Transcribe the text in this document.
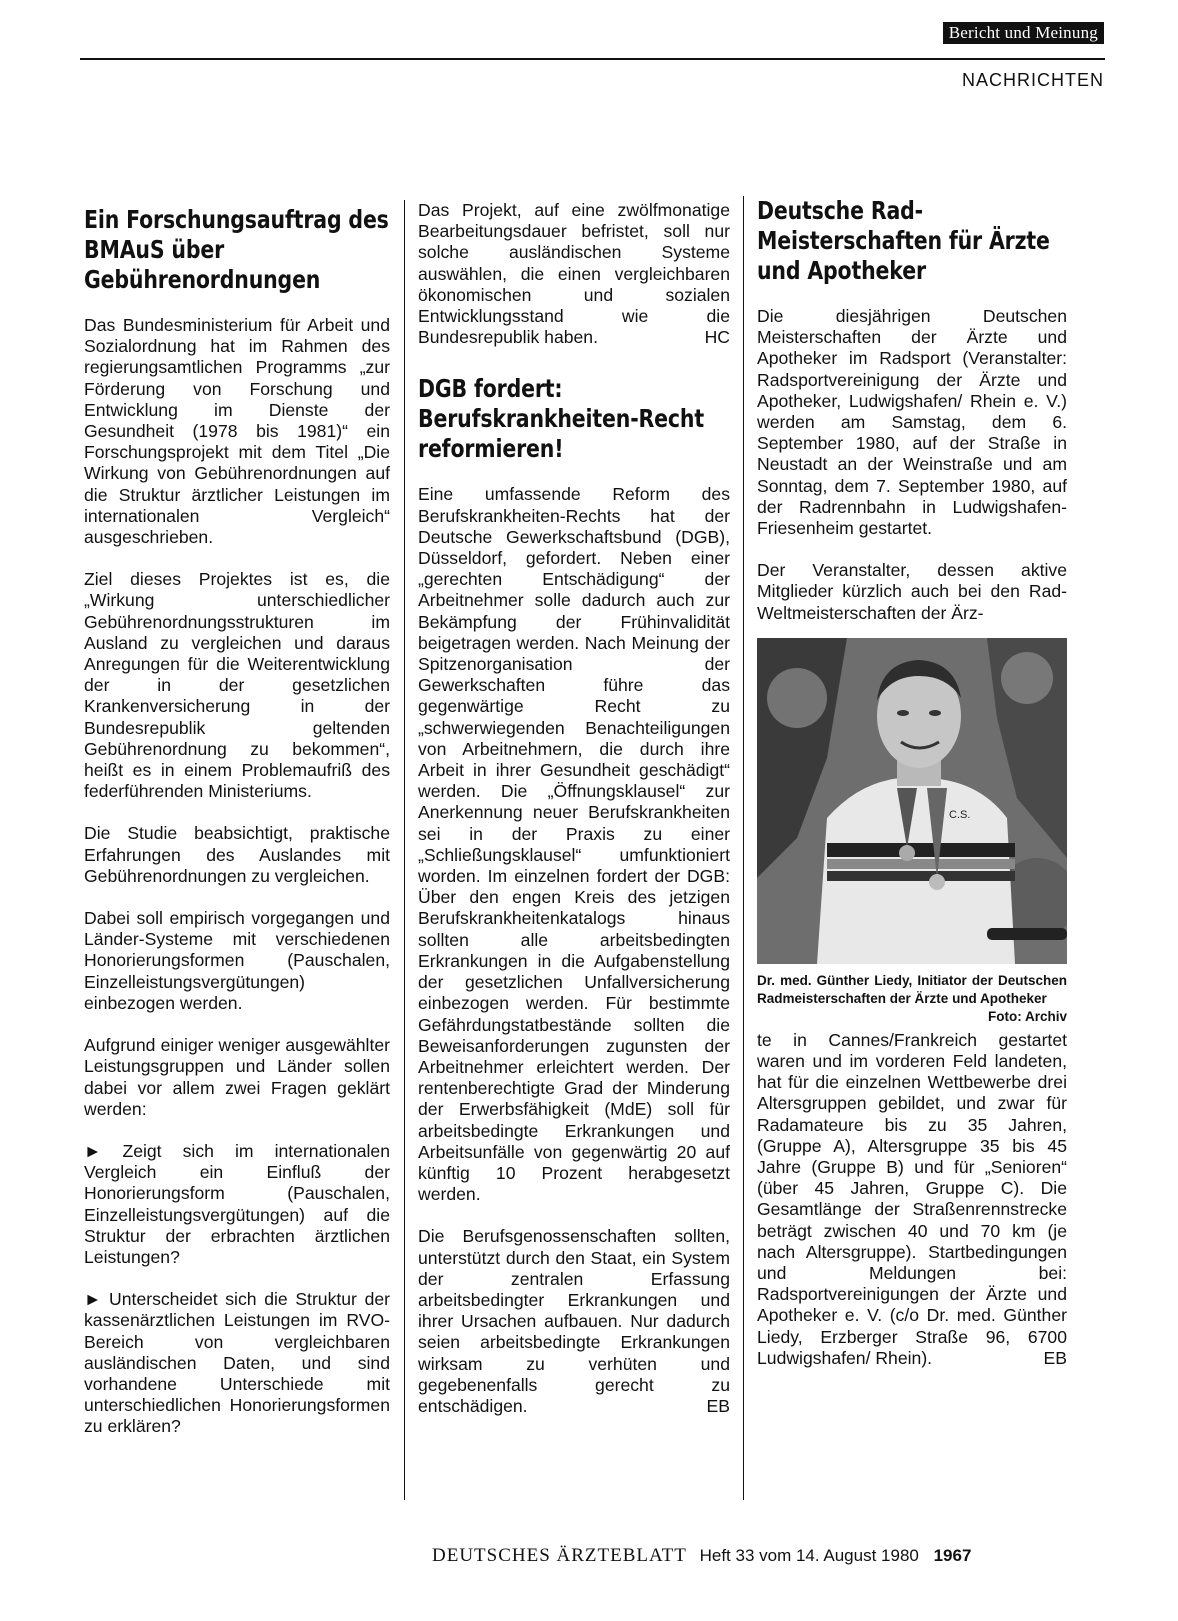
Bericht und Meinung
NACHRICHTEN
Ein Forschungsauftrag des BMAuS über Gebührenordnungen

Das Bundesministerium für Arbeit und Sozialordnung hat im Rahmen des regierungsamtlichen Programms „zur Förderung von Forschung und Entwicklung im Dienste der Gesundheit (1978 bis 1981)“ ein Forschungsprojekt mit dem Titel „Die Wirkung von Gebührenordnungen auf die Struktur ärztlicher Leistungen im internationalen Vergleich“ ausgeschrieben.

Ziel dieses Projektes ist es, die „Wirkung unterschiedlicher Gebührenordnungsstrukturen im Ausland zu vergleichen und daraus Anregungen für die Weiterentwicklung der in der gesetzlichen Krankenversicherung in der Bundesrepublik geltenden Gebührenordnung zu bekommen“, heißt es in einem Problemaufriß des federführenden Ministeriums.

Die Studie beabsichtigt, praktische Erfahrungen des Auslandes mit Gebührenordnungen zu vergleichen.

Dabei soll empirisch vorgegangen und Länder-Systeme mit verschiedenen Honorierungsformen (Pauschalen, Einzelleistungsvergütungen) einbezogen werden.

Aufgrund einiger weniger ausgewählter Leistungsgruppen und Länder sollen dabei vor allem zwei Fragen geklärt werden:

► Zeigt sich im internationalen Vergleich ein Einfluß der Honorierungsform (Pauschalen, Einzelleistungsvergütungen) auf die Struktur der erbrachten ärztlichen Leistungen?

► Unterscheidet sich die Struktur der kassenärztlichen Leistungen im RVO-Bereich von vergleichbaren ausländischen Daten, und sind vorhandene Unterschiede mit unterschiedlichen Honorierungsformen zu erklären?

Das Projekt, auf eine zwölfmonatige Bearbeitungsdauer befristet, soll nur solche ausländischen Systeme auswählen, die einen vergleichbaren ökonomischen und sozialen Entwicklungsstand wie die Bundesrepublik haben.	HC

DGB fordert: Berufskrankheiten-Recht reformieren!

Eine umfassende Reform des Berufskrankheiten-Rechts hat der Deutsche Gewerkschaftsbund (DGB), Düsseldorf, gefordert. Neben einer „gerechten Entschädigung“ der Arbeitnehmer solle dadurch auch zur Bekämpfung der Frühinvalidität beigetragen werden. Nach Meinung der Spitzenorganisation der Gewerkschaften führe das gegenwärtige Recht zu „schwerwiegenden Benachteiligungen von Arbeitnehmern, die durch ihre Arbeit in ihrer Gesundheit geschädigt“ werden. Die „Öffnungsklausel“ zur Anerkennung neuer Berufskrankheiten sei in der Praxis zu einer „Schließungsklausel“ umfunktioniert worden. Im einzelnen fordert der DGB: Über den engen Kreis des jetzigen Berufskrankheitenkatalogs hinaus sollten alle arbeitsbedingten Erkrankungen in die Aufgabenstellung der gesetzlichen Unfallversicherung einbezogen werden. Für bestimmte Gefährdungstatbestände sollten die Beweisanforderungen zugunsten der Arbeitnehmer erleichtert werden. Der rentenberechtigte Grad der Minderung der Erwerbsfähigkeit (MdE) soll für arbeitsbedingte Erkrankungen und Arbeitsunfälle von gegenwärtig 20 auf künftig 10 Prozent herabgesetzt werden.

Die Berufsgenossenschaften sollten, unterstützt durch den Staat, ein System der zentralen Erfassung arbeitsbedingter Erkrankungen und ihrer Ursachen aufbauen. Nur dadurch seien arbeitsbedingte Erkrankungen wirksam zu verhüten und gegebenenfalls gerecht zu entschädigen.	EB

Deutsche Rad-Meisterschaften für Ärzte und Apotheker

Die diesjährigen Deutschen Meisterschaften der Ärzte und Apotheker im Radsport (Veranstalter: Radsportvereinigung der Ärzte und Apotheker, Ludwigshafen/ Rhein e. V.) werden am Samstag, dem 6. September 1980, auf der Straße in Neustadt an der Weinstraße und am Sonntag, dem 7. September 1980, auf der Radrennbahn in Ludwigshafen-Friesenheim gestartet.

Der Veranstalter, dessen aktive Mitglieder kürzlich auch bei den Rad-Weltmeisterschaften der Ärz-

C.S.
Dr. med. Günther Liedy, Initiator der Deutschen Radmeisterschaften der Ärzte und Apotheker
Foto: Archiv

te in Cannes/Frankreich gestartet waren und im vorderen Feld landeten, hat für die einzelnen Wettbewerbe drei Altersgruppen gebildet, und zwar für Radamateure bis zu 35 Jahren, (Gruppe A), Altersgruppe 35 bis 45 Jahre (Gruppe B) und für „Senioren“ (über 45 Jahren, Gruppe C). Die Gesamtlänge der Straßenrennstrecke beträgt zwischen 40 und 70 km (je nach Altersgruppe). Startbedingungen und Meldungen bei: Radsportvereinigungen der Ärzte und Apotheker e. V. (c/o Dr. med. Günther Liedy, Erzberger Straße 96, 6700 Ludwigshafen/ Rhein).	EB

DEUTSCHES ÄRZTEBLATT Heft 33 vom 14. August 1980 1967
